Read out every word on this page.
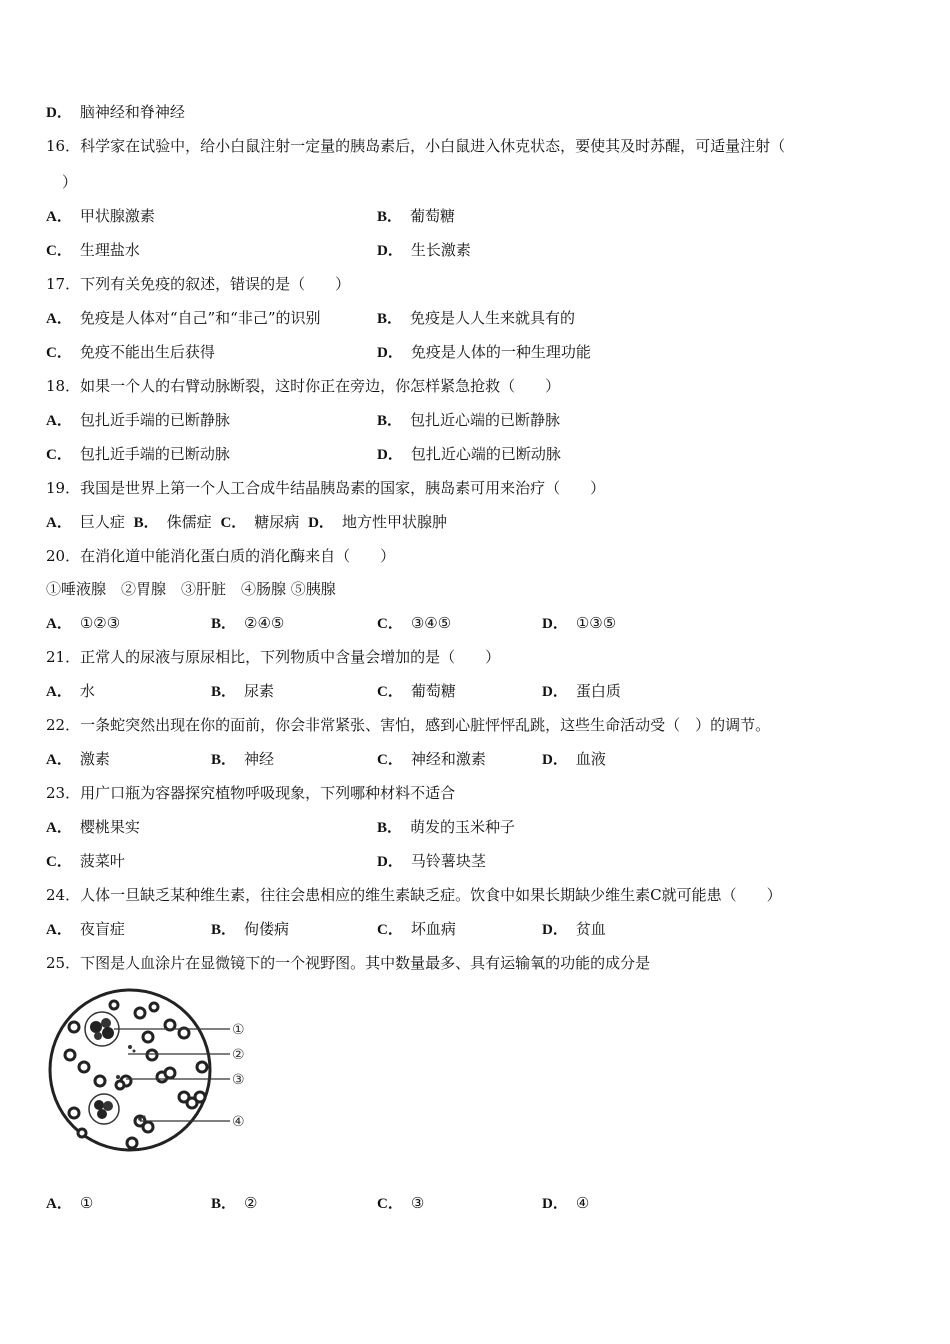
D． 脑神经和脊神经
16．科学家在试验中，给小白鼠注射一定量的胰岛素后，小白鼠进入休克状态，要使其及时苏醒，可适量注射（
）
A． 甲状腺激素	B． 葡萄糖
C． 生理盐水	D． 生长激素
17．下列有关免疫的叙述，错误的是（　　）
A． 免疫是人体对“自己”和“非己”的识别	B． 免疫是人人生来就具有的
C． 免疫不能出生后获得	D． 免疫是人体的一种生理功能
18．如果一个人的右臂动脉断裂，这时你正在旁边，你怎样紧急抢救（　　）
A． 包扎近手端的已断静脉	B． 包扎近心端的已断静脉
C． 包扎近手端的已断动脉	D． 包扎近心端的已断动脉
19．我国是世界上第一个人工合成牛结晶胰岛素的国家，胰岛素可用来治疗（　　）
A． 巨人症 B． 侏儒症 C． 糖尿病 D． 地方性甲状腺肿
20．在消化道中能消化蛋白质的消化酶来自（　　）
①唾液腺　②胃腺　③肝脏　④肠腺 ⑤胰腺
A． ①②③	B． ②④⑤	C． ③④⑤	D． ①③⑤
21．正常人的尿液与原尿相比，下列物质中含量会增加的是（　　）
A． 水	B． 尿素	C． 葡萄糖	D． 蛋白质
22．一条蛇突然出现在你的面前，你会非常紧张、害怕，感到心脏怦怦乱跳，这些生命活动受（　）的调节。
A． 激素	B． 神经	C． 神经和激素	D． 血液
23．用广口瓶为容器探究植物呼吸现象，下列哪种材料不适合
A． 樱桃果实	B． 萌发的玉米种子
C． 菠菜叶	D． 马铃薯块茎
24．人体一旦缺乏某种维生素，往往会患相应的维生素缺乏症。饮食中如果长期缺少维生素C就可能患（　　）
A． 夜盲症	B． 佝偻病	C． 坏血病	D． 贫血
25．下图是人血涂片在显微镜下的一个视野图。其中数量最多、具有运输氧的功能的成分是
①
②
③
④
A． ①	B． ②	C． ③	D． ④
